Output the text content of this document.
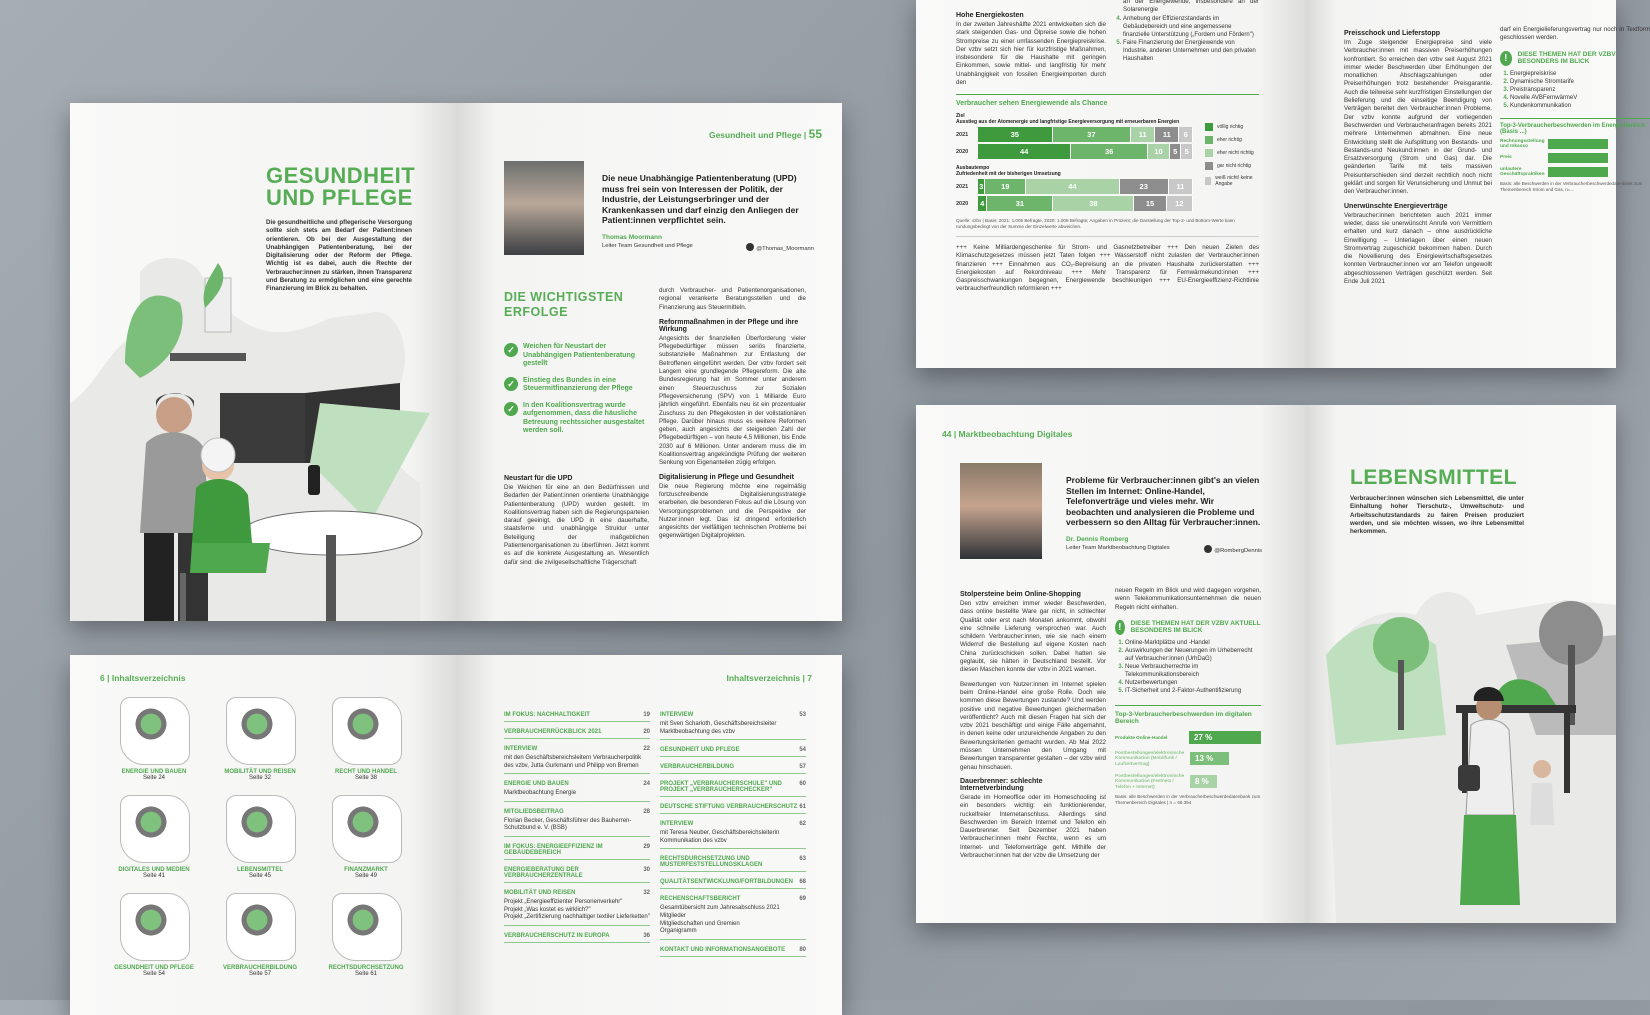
GESUNDHEIT
UND PFLEGE
Die gesundheitliche und pflegerische Versorgung sollte sich stets am Bedarf der Patient:innen orientieren. Ob bei der Ausgestaltung der Unabhängigen Patientenberatung, bei der Digitalisierung oder der Reform der Pflege. Wichtig ist es dabei, auch die Rechte der Verbraucher:innen zu stärken, ihnen Transparenz und Beratung zu ermöglichen und eine gerechte Finanzierung im Blick zu behalten.
Gesundheit und Pflege | 55
Die neue Unabhängige Patientenberatung (UPD) muss frei sein von Interessen der Politik, der Industrie, der Leistungserbringer und der Krankenkassen und darf einzig den Anliegen der Patient:innen verpflichtet sein.
Thomas Moormann
Leiter Team Gesundheit und Pflege	@Thomas_Moormann
DIE WICHTIGSTEN
ERFOLGE
✓	Weichen für Neustart der Unabhängigen Patientenberatung gestellt
✓	Einstieg des Bundes in eine Steuermitfinanzierung der Pflege
✓	In den Koalitionsvertrag wurde aufgenommen, dass die häusliche Betreuung rechtssicher ausgestaltet werden soll.
Neustart für die UPD
Die Weichen für eine an den Bedürfnissen und Bedarfen der Patient:innen orientierte Unabhängige Patientenberatung (UPD) wurden gestellt. Im Koalitionsvertrag haben sich die Regierungsparteien darauf geeinigt, die UPD in eine dauerhafte, staatsferne und unabhängige Struktur unter Beteiligung der maßgeblichen Patientenorganisationen zu überführen. Jetzt kommt es auf die konkrete Ausgestaltung an. Wesentlich dafür sind: die zivilgesellschaftliche Trägerschaft
durch Verbraucher- und Patientenorganisationen, regional verankerte Beratungsstellen und die Finanzierung aus Steuermitteln.
Reformmaßnahmen in der Pflege und ihre Wirkung
Angesichts der finanziellen Überforderung vieler Pflegebedürftiger müssen seriös finanzierte, substanzielle Maßnahmen zur Entlastung der Betroffenen eingeführt werden. Der vzbv fordert seit Langem eine grundlegende Pflegereform. Die alte Bundesregierung hat im Sommer unter anderem einen Steuerzuschuss zur Sozialen Pflegeversicherung (SPV) von 1 Milliarde Euro jährlich eingeführt. Ebenfalls neu ist ein prozentualer Zuschuss zu den Pflegekosten in der vollstationären Pflege. Darüber hinaus muss es weitere Reformen geben, auch angesichts der steigenden Zahl der Pflegebedürftigen – von heute 4,5 Millionen, bis Ende 2030 auf 6 Millionen. Unter anderem muss die im Koalitionsvertrag angekündigte Prüfung der weiteren Senkung von Eigenanteilen zügig erfolgen.
Digitalisierung in Pflege und Gesundheit
Die neue Regierung möchte eine regelmäßig fortzuschreibende Digitalisierungsstrategie erarbeiten, die besonderen Fokus auf die Lösung von Versorgungsproblemen und die Perspektive der Nutzer:innen legt. Das ist dringend erforderlich angesichts der vielfältigen technischen Probleme bei gegenwärtigen Digitalprojekten.
Hohe Energiekosten
In der zweiten Jahreshälfte 2021 entwickelten sich die stark steigenden Gas- und Ölpreise sowie die hohen Strompreise zu einer umfassenden Energiepreiskrise. Der vzbv setzt sich hier für kurzfristige Maßnahmen, insbesondere für die Haushalte mit geringen Einkommen, sowie mittel- und langfristig für mehr Unabhängigkeit von fossilen Energieimporten durch den
an der Energiewende, insbesondere an der Solarenergie
4. Anhebung der Effizienzstandards im Gebäudebereich und eine angemessene finanzielle Unterstützung („Fordern und Fördern")
5. Faire Finanzierung der Energiewende von Industrie, anderen Unternehmen und den privaten Haushalten
Verbraucher sehen Energiewende als Chance
Ziel
Ausstieg aus der Atomenergie und langfristige Energieversorgung mit erneuerbaren Energien
2021	35	37	11 11 6
2020	44	36	10 5 5
Ausbautempo
Zufriedenheit mit der bisherigen Umsetzung
2021	3 19	44	23	11
2020	4	31	38	15	12
völlig richtig
eher richtig
eher nicht richtig
gar nicht richtig
weiß nicht/ keine Angabe
Quelle: vzbv | Basis: 2021: 1.005 Befragte, 2020: 1.008 Befragte; Angaben in Prozent; die Darstellung der Top-2- und Bottom-Werte kann rundungsbedingt von der Summe der Einzelwerte abweichen.
+++ Keine Milliardengeschenke für Strom- und Gasnetzbetreiber +++ Den neuen Zielen des Klimaschutzgesetzes müssen jetzt Taten folgen +++ Wasserstoff nicht zulasten der Verbraucher:innen finanzieren +++ Einnahmen aus CO₂-Bepreisung an die privaten Haushalte zurückerstatten +++ Energiekosten auf Rekordniveau +++ Mehr Transparenz für Fernwärmekund:innen +++ Gaspreisschwankungen begegnen, Energiewende beschleunigen +++ EU-Energieeffizienz-Richtlinie verbraucherfreundlich reformieren +++
Preisschock und Lieferstopp
Im Zuge steigender Energiepreise sind viele Verbraucher:innen mit massiven Preiserhöhungen konfrontiert. So erreichen den vzbv seit August 2021 immer wieder Beschwerden über Erhöhungen der monatlichen Abschlagszahlungen oder Preiserhöhungen trotz bestehender Preisgarantie. Auch die teilweise sehr kurzfristigen Einstellungen der Belieferung und die einseitige Beendigung von Verträgen bereitet den Verbraucher:innen Probleme. Der vzbv konnte aufgrund der vorliegenden Beschwerden und Verbraucheranfragen bereits 2021 mehrere Unternehmen abmahnen. Eine neue Entwicklung stellt die Aufsplittung von Bestands- und Bestands-und Neukund:innen in der Grund- und Ersatzversorgung (Strom und Gas) dar. Die geänderten Tarife mit teils massiven Preisunterschieden sind derzeit rechtlich noch nicht geklärt und sorgen für Verunsicherung und Unmut bei den Verbraucher:innen.
Unerwünschte Energieverträge
Verbraucher:innen berichteten auch 2021 immer wieder, dass sie unerwünscht Anrufe von Vermittlern erhalten und kurz danach – ohne ausdrückliche Einwilligung – Unterlagen über einen neuen Stromvertrag zugeschickt bekommen haben. Durch die Novellierung des Energiewirtschaftsgesetzes konnten Verbraucher:innen vor am Telefon ungewollt abgeschlossenen Verträgen geschützt werden. Seit Ende Juli 2021
darf ein Energielieferungsvertrag nur noch in Textform geschlossen werden.
!	DIESE THEMEN HAT DER VZBV BESONDERS IM BLICK
1. Energiepreiskrise
2. Dynamische Stromtarife
3. Preistransparenz
4. Novelle AVBFernwärmeV
5. Kundenkommunikation
Top-3-Verbraucherbeschwerden im Energiebereich (Basis ...)
Rechnungsstellung und Inkasso
Preis
unlautere Geschäftspraktiken
Basis: alle Beschwerden in der Verbraucherbeschwerdedatenbank zum Themenbereich Strom und Gas, n=...
6 | Inhaltsverzeichnis
ENERGIE UND BAUEN
Seite 24
MOBILITÄT UND REISEN
Seite 32
RECHT UND HANDEL
Seite 38
DIGITALES UND MEDIEN
Seite 41
LEBENSMITTEL
Seite 45
FINANZMARKT
Seite 49
GESUNDHEIT UND PFLEGE
Seite 54
VERBRAUCHERBILDUNG
Seite 57
RECHTSDURCHSETZUNG
Seite 61
Inhaltsverzeichnis | 7
IM FOKUS: NACHHALTIGKEIT	19
VERBRAUCHERRÜCKBLICK 2021	20
INTERVIEW	22
mit den Geschäftsbereichsleitern Verbraucherpolitik des vzbv, Jutta Gurkmann und Philipp von Bremen
ENERGIE UND BAUEN	24
Marktbeobachtung Energie
MITGLIEDSBEITRAG	28
Florian Becker, Geschäftsführer des Bauherren-Schutzbund e. V. (BSB)
IM FOKUS: ENERGIEEFFIZIENZ IM GEBÄUDEBEREICH
29
ENERGIEBERATUNG DER VERBRAUCHERZENTRALE
30
MOBILITÄT UND REISEN	32
Projekt „Energieeffizienter Personenverkehr"
Projekt „Was kostet es wirklich?"
Projekt „Zertifizierung nachhaltiger textiler Lieferketten"
VERBRAUCHERSCHUTZ IN EUROPA	36
INTERVIEW	53
mit Sven Scharioth, Geschäftsbereichsleiter Marktbeobachtung des vzbv
GESUNDHEIT UND PFLEGE	54
VERBRAUCHERBILDUNG	57
PROJEKT „VERBRAUCHERSCHULE" UND PROJEKT „VERBRAUCHERCHECKER"
60
DEUTSCHE STIFTUNG VERBRAUCHERSCHUTZ 61
INTERVIEW	62
mit Teresa Neuber, Geschäftsbereichsleiterin Kommunikation des vzbv
RECHTSDURCHSETZUNG UND MUSTERFESTSTELLUNGSKLAGEN
63
QUALITÄTSENTWICKLUNG/FORTBILDUNGEN 68
RECHENSCHAFTSBERICHT	69
Gesamtübersicht zum Jahresabschluss 2021
Mitglieder
Mitgliedschaften und Gremien
Organigramm
KONTAKT UND INFORMATIONSANGEBOTE 80
44 | Marktbeobachtung Digitales
Probleme für Verbraucher:innen gibt's an vielen Stellen im Internet: Online-Handel, Telefonverträge und vieles mehr. Wir beobachten und analysieren die Probleme und verbessern so den Alltag für Verbraucher:innen.
Dr. Dennis Romberg
Leiter Team Marktbeobachtung Digitales	@RombergDennis
Stolpersteine beim Online-Shopping
Den vzbv erreichen immer wieder Beschwerden, dass online bestellte Ware gar nicht, in schlechter Qualität oder erst nach Monaten ankommt, obwohl eine schnelle Lieferung versprochen war. Auch schildern Verbraucher:innen, wie sie nach einem Widerruf die Bestellung auf eigene Kosten nach China zurückschicken sollen. Dabei hatten sie geglaubt, sie hätten in Deutschland bestellt. Vor diesen Maschen konnte der vzbv in 2021 warnen.
Bewertungen von Nutzer:innen im Internet spielen beim Online-Handel eine große Rolle. Doch wie kommen diese Bewertungen zustande? Und werden positive und negative Bewertungen gleichermaßen veröffentlicht? Auch mit diesen Fragen hat sich der vzbv 2021 beschäftigt und einige Fälle abgemahnt, in denen keine oder unzureichende Angaben zu den Bewertungskriterien gemacht wurden. Ab Mai 2022 müssen Unternehmen den Umgang mit Bewertungen transparenter gestalten – der vzbv wird genau hinschauen.
Dauerbrenner: schlechte Internetverbindung
Gerade im Homeoffice oder im Homeschooling ist ein besonders wichtig: ein funktionierender, ruckelfreier Internetanschluss. Allerdings sind Beschwerden im Bereich Internet und Telefon ein Dauerbrenner. Seit Dezember 2021 haben Verbraucher:innen mehr Rechte, wenn es um Internet- und Telefonverträge geht. Mithilfe der Verbraucher:innen hat der vzbv die Umsetzung der
neuen Regeln im Blick und wird dagegen vorgehen, wenn Telekommunikationsunternehmen die neuen Regeln nicht einhalten.
!	DIESE THEMEN HAT DER VZBV AKTUELL BESONDERS IM BLICK
1. Online-Marktplätze und -Handel
2. Auswirkungen der Neuerungen im Urheberrecht auf Verbraucher:innen (UrhDaG)
3. Neue Verbraucherrechte im Telekommunikationsbereich
4. Nutzerbewertungen
5. IT-Sicherheit und 2-Faktor-Authentifizierung
Top-3-Verbraucherbeschwerden im digitalen Bereich
Produkte Online-Handel	27 %
Postbestellungen/elektronische Kommunikation (Mobilfunk / Laufzeitvertrag)
13 %
Postbestellungen/elektronische Kommunikation (Festnetz / Telefon + Internet)
8 %
Basis: alle Beschwerden in der Verbraucherbeschwerdedatenbank zum Themenbereich Digitales | n = 66.354
LEBENSMITTEL
Verbraucher:innen wünschen sich Lebensmittel, die unter Einhaltung hoher Tierschutz-, Umweltschutz- und Arbeitsschutzstandards zu fairen Preisen produziert werden, und sie möchten wissen, wo ihre Lebensmittel herkommen.
